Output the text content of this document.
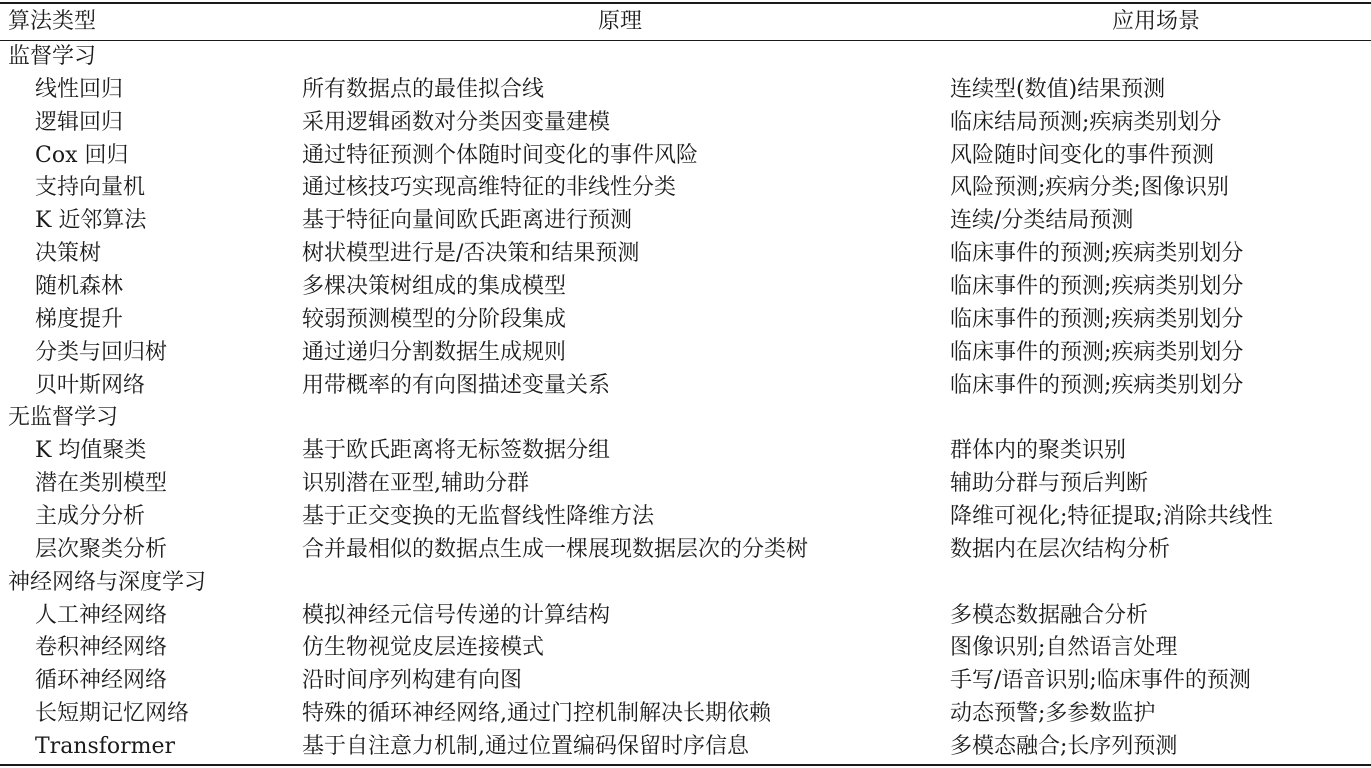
算法类型	原理	应用场景
监督学习
线性回归	所有数据点的最佳拟合线	连续型(数值)结果预测
逻辑回归	采用逻辑函数对分类因变量建模	临床结局预测;疾病类别划分
Cox 回归	通过特征预测个体随时间变化的事件风险	风险随时间变化的事件预测
支持向量机	通过核技巧实现高维特征的非线性分类	风险预测;疾病分类;图像识别
K 近邻算法	基于特征向量间欧氏距离进行预测	连续/分类结局预测
决策树	树状模型进行是/否决策和结果预测	临床事件的预测;疾病类别划分
随机森林	多棵决策树组成的集成模型	临床事件的预测;疾病类别划分
梯度提升	较弱预测模型的分阶段集成	临床事件的预测;疾病类别划分
分类与回归树	通过递归分割数据生成规则	临床事件的预测;疾病类别划分
贝叶斯网络	用带概率的有向图描述变量关系	临床事件的预测;疾病类别划分
无监督学习
K 均值聚类	基于欧氏距离将无标签数据分组	群体内的聚类识别
潜在类别模型	识别潜在亚型,辅助分群	辅助分群与预后判断
主成分分析	基于正交变换的无监督线性降维方法	降维可视化;特征提取;消除共线性
层次聚类分析	合并最相似的数据点生成一棵展现数据层次的分类树	数据内在层次结构分析
神经网络与深度学习
人工神经网络	模拟神经元信号传递的计算结构	多模态数据融合分析
卷积神经网络	仿生物视觉皮层连接模式	图像识别;自然语言处理
循环神经网络	沿时间序列构建有向图	手写/语音识别;临床事件的预测
长短期记忆网络	特殊的循环神经网络,通过门控机制解决长期依赖	动态预警;多参数监护
Transformer	基于自注意力机制,通过位置编码保留时序信息	多模态融合;长序列预测
